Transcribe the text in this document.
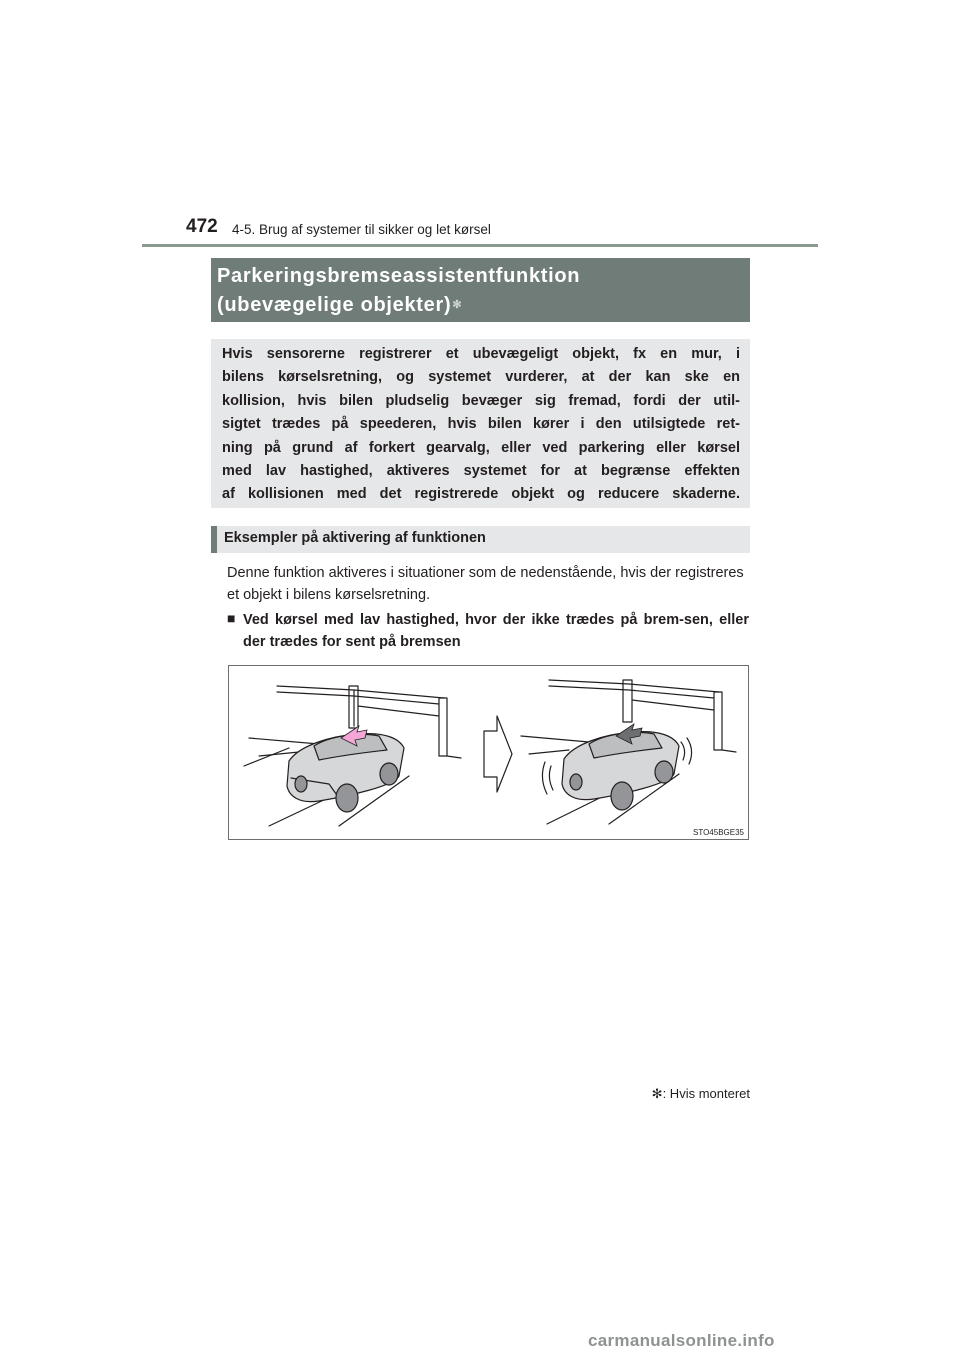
472 4-5. Brug af systemer til sikker og let kørsel
Parkeringsbremseassistentfunktion
(ubevægelige objekter)✻
Hvis sensorerne registrerer et ubevægeligt objekt, fx en mur, i
bilens kørselsretning, og systemet vurderer, at der kan ske en
kollision, hvis bilen pludselig bevæger sig fremad, fordi der util-
sigtet trædes på speederen, hvis bilen kører i den utilsigtede ret-
ning på grund af forkert gearvalg, eller ved parkering eller kørsel
med lav hastighed, aktiveres systemet for at begrænse effekten
af kollisionen med det registrerede objekt og reducere skaderne.
Eksempler på aktivering af funktionen

Denne funktion aktiveres i situationer som de nedenstående, hvis der registreres et objekt i bilens kørselsretning.

■ Ved kørsel med lav hastighed, hvor der ikke trædes på brem-sen, eller der trædes for sent på bremsen

STO45BGE35
✻: Hvis monteret
carmanualsonline.info
